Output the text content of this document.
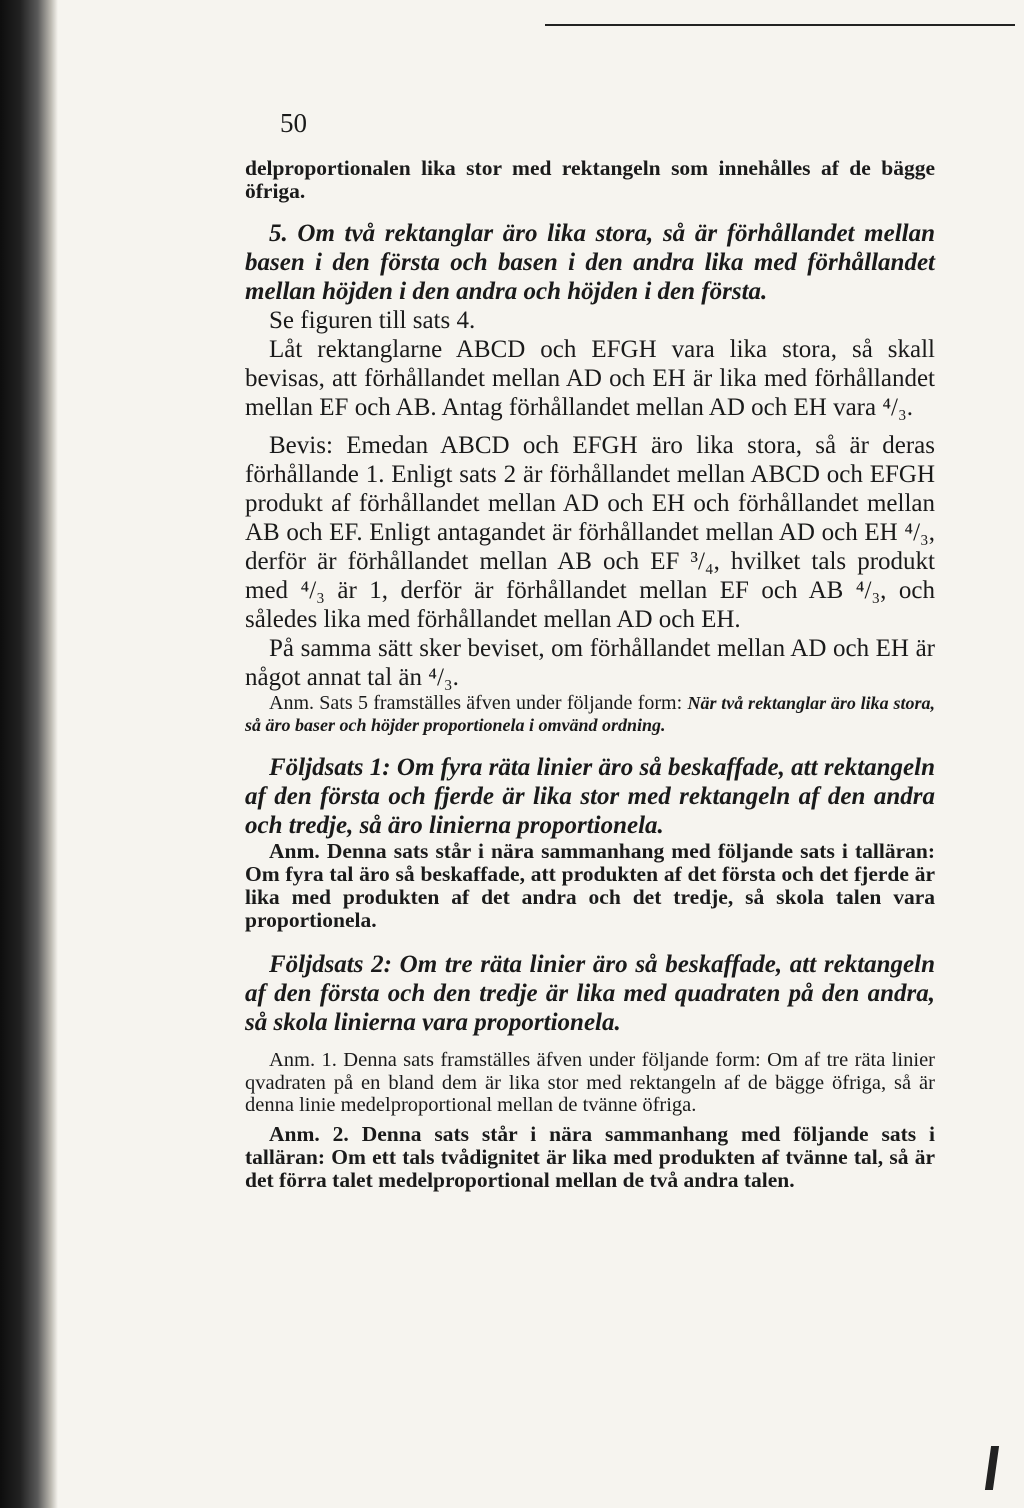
50

delproportionalen lika stor med rektangeln som innehålles af de bägge öfriga.

5. Om två rektanglar äro lika stora, så är förhållandet mellan basen i den första och basen i den andra lika med förhållandet mellan höjden i den andra och höjden i den första.

Se figuren till sats 4.

Låt rektanglarne ABCD och EFGH vara lika stora, så skall bevisas, att förhållandet mellan AD och EH är lika med förhållandet mellan EF och AB. Antag förhållandet mellan AD och EH vara ⁴/₃.

Bevis: Emedan ABCD och EFGH äro lika stora, så är deras förhållande 1. Enligt sats 2 är förhållandet mellan ABCD och EFGH produkt af förhållandet mellan AD och EH och förhållandet mellan AB och EF. Enligt antagandet är förhållandet mellan AD och EH ⁴/₃, derför är förhållandet mellan AB och EF ³/₄, hvilket tals produkt med ⁴/₃ är 1, derför är förhållandet mellan EF och AB ⁴/₃, och således lika med förhållandet mellan AD och EH.

På samma sätt sker beviset, om förhållandet mellan AD och EH är något annat tal än ⁴/₃.

Anm. Sats 5 framställes äfven under följande form: När två rektanglar äro lika stora, så äro baser och höjder proportionela i omvänd ordning.

Följdsats 1: Om fyra räta linier äro så beskaffade, att rektangeln af den första och fjerde är lika stor med rektangeln af den andra och tredje, så äro linierna proportionela.

Anm. Denna sats står i nära sammanhang med följande sats i talläran: Om fyra tal äro så beskaffade, att produkten af det första och det fjerde är lika med produkten af det andra och det tredje, så skola talen vara proportionela.

Följdsats 2: Om tre räta linier äro så beskaffade, att rektangeln af den första och den tredje är lika med quadraten på den andra, så skola linierna vara proportionela.

Anm. 1. Denna sats framställes äfven under följande form: Om af tre räta linier qvadraten på en bland dem är lika stor med rektangeln af de bägge öfriga, så är denna linie medelproportional mellan de tvänne öfriga.

Anm. 2. Denna sats står i nära sammanhang med följande sats i talläran: Om ett tals tvådignitet är lika med produkten af tvänne tal, så är det förra talet medelproportional mellan de två andra talen.
